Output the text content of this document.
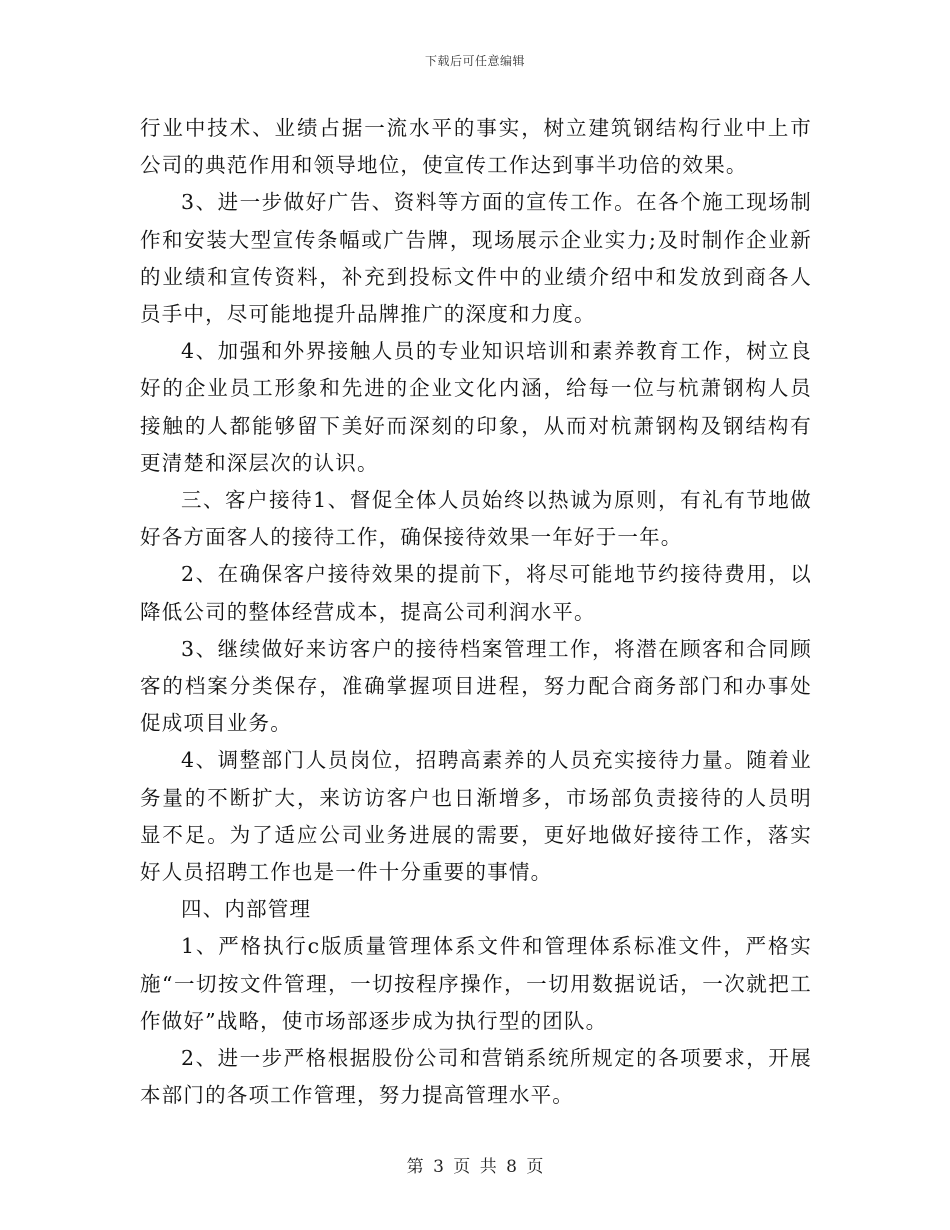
下载后可任意编辑

行业中技术、业绩占据一流水平的事实，树立建筑钢结构行业中上市公司的典范作用和领导地位，使宣传工作达到事半功倍的效果。

3、进一步做好广告、资料等方面的宣传工作。在各个施工现场制作和安装大型宣传条幅或广告牌，现场展示企业实力;及时制作企业新的业绩和宣传资料，补充到投标文件中的业绩介绍中和发放到商各人员手中，尽可能地提升品牌推广的深度和力度。

4、加强和外界接触人员的专业知识培训和素养教育工作，树立良好的企业员工形象和先进的企业文化内涵，给每一位与杭萧钢构人员接触的人都能够留下美好而深刻的印象，从而对杭萧钢构及钢结构有更清楚和深层次的认识。

三、客户接待1、督促全体人员始终以热诚为原则，有礼有节地做好各方面客人的接待工作，确保接待效果一年好于一年。

2、在确保客户接待效果的提前下，将尽可能地节约接待费用，以降低公司的整体经营成本，提高公司利润水平。

3、继续做好来访客户的接待档案管理工作，将潜在顾客和合同顾客的档案分类保存，准确掌握项目进程，努力配合商务部门和办事处促成项目业务。

4、调整部门人员岗位，招聘高素养的人员充实接待力量。随着业务量的不断扩大，来访访客户也日渐增多，市场部负责接待的人员明显不足。为了适应公司业务进展的需要，更好地做好接待工作，落实好人员招聘工作也是一件十分重要的事情。

四、内部管理

1、严格执行c版质量管理体系文件和管理体系标准文件，严格实施“一切按文件管理，一切按程序操作，一切用数据说话，一次就把工作做好”战略，使市场部逐步成为执行型的团队。

2、进一步严格根据股份公司和营销系统所规定的各项要求，开展本部门的各项工作管理，努力提高管理水平。

第 3 页 共 8 页
